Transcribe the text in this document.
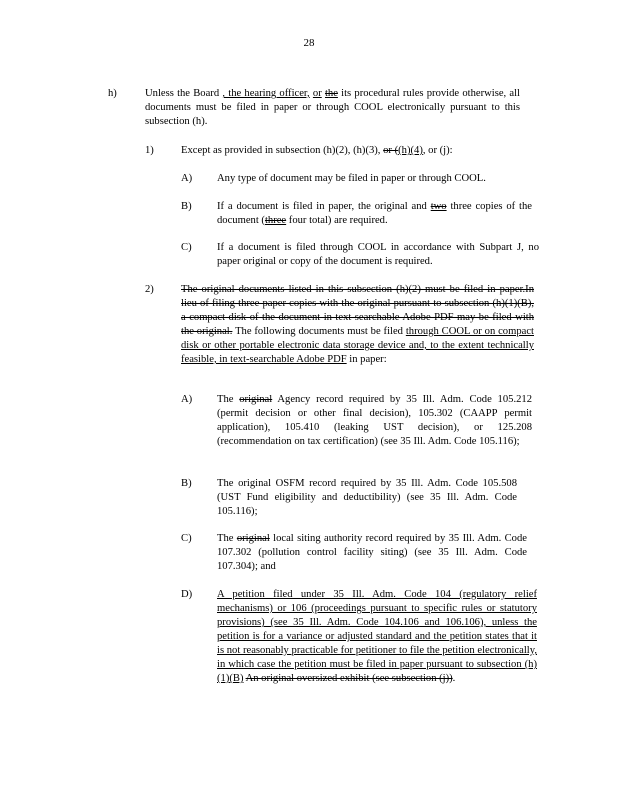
28
h)	Unless the Board , the hearing officer, or the its procedural rules provide otherwise, all documents must be filed in paper or through COOL electronically pursuant to this subsection (h).
1)	Except as provided in subsection (h)(2), (h)(3), or ((h)(4), or (j):
A) Any type of document may be filed in paper or through COOL.
B) If a document is filed in paper, the original and two three copies of the document (three four total) are required.
C) If a document is filed through COOL in accordance with Subpart J, no paper original or copy of the document is required.
2)	The original documents listed in this subsection (h)(2) must be filed in paper.In lieu of filing three paper copies with the original pursuant to subsection (h)(1)(B), a compact disk of the document in text searchable Adobe PDF may be filed with the original. The following documents must be filed through COOL or on compact disk or other portable electronic data storage device and, to the extent technically feasible, in text-searchable Adobe PDF in paper:
A) The original Agency record required by 35 Ill. Adm. Code 105.212 (permit decision or other final decision), 105.302 (CAAPP permit application), 105.410 (leaking UST decision), or 125.208 (recommendation on tax certification) (see 35 Ill. Adm. Code 105.116);
B) The original OSFM record required by 35 Ill. Adm. Code 105.508 (UST Fund eligibility and deductibility) (see 35 Ill. Adm. Code 105.116);
C) The original local siting authority record required by 35 Ill. Adm. Code 107.302 (pollution control facility siting) (see 35 Ill. Adm. Code 107.304); and
D) A petition filed under 35 Ill. Adm. Code 104 (regulatory relief mechanisms) or 106 (proceedings pursuant to specific rules or statutory provisions) (see 35 Ill. Adm. Code 104.106 and 106.106), unless the petition is for a variance or adjusted standard and the petition states that it is not reasonably practicable for petitioner to file the petition electronically, in which case the petition must be filed in paper pursuant to subsection (h)(1)(B) An original oversized exhibit (see subsection (j)).
